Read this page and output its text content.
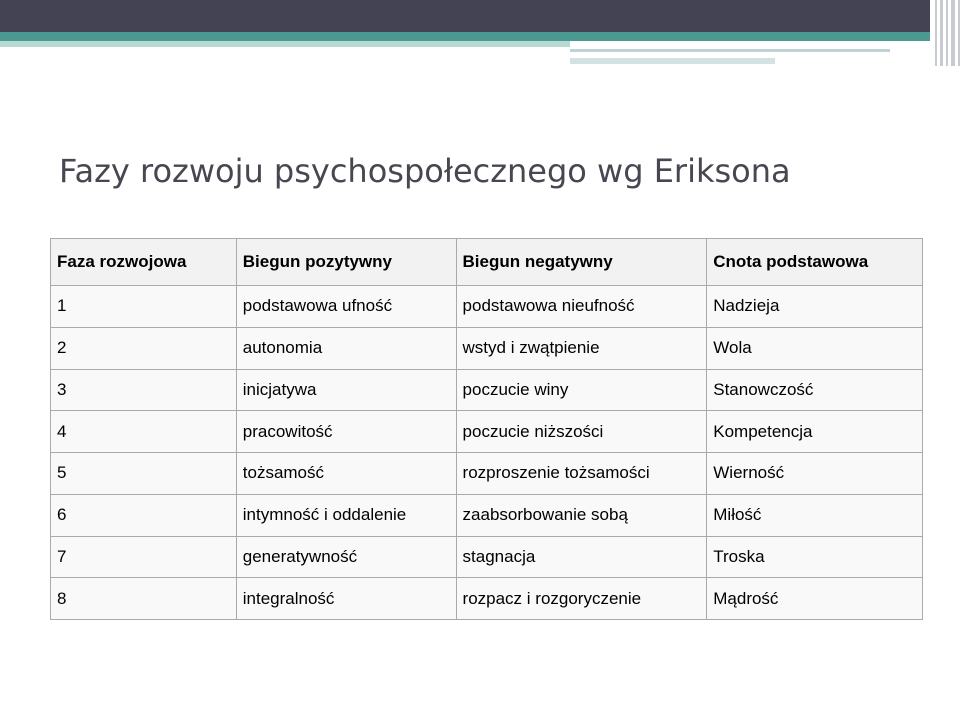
Fazy rozwoju psychospołecznego wg Eriksona
Faza rozwojowa	Biegun pozytywny	Biegun negatywny	Cnota podstawowa
1	podstawowa ufność	podstawowa nieufność	Nadzieja
2	autonomia	wstyd i zwątpienie	Wola
3	inicjatywa	poczucie winy	Stanowczość
4	pracowitość	poczucie niższości	Kompetencja
5	tożsamość	rozproszenie tożsamości	Wierność
6	intymność i oddalenie	zaabsorbowanie sobą	Miłość
7	generatywność	stagnacja	Troska
8	integralność	rozpacz i rozgoryczenie	Mądrość
